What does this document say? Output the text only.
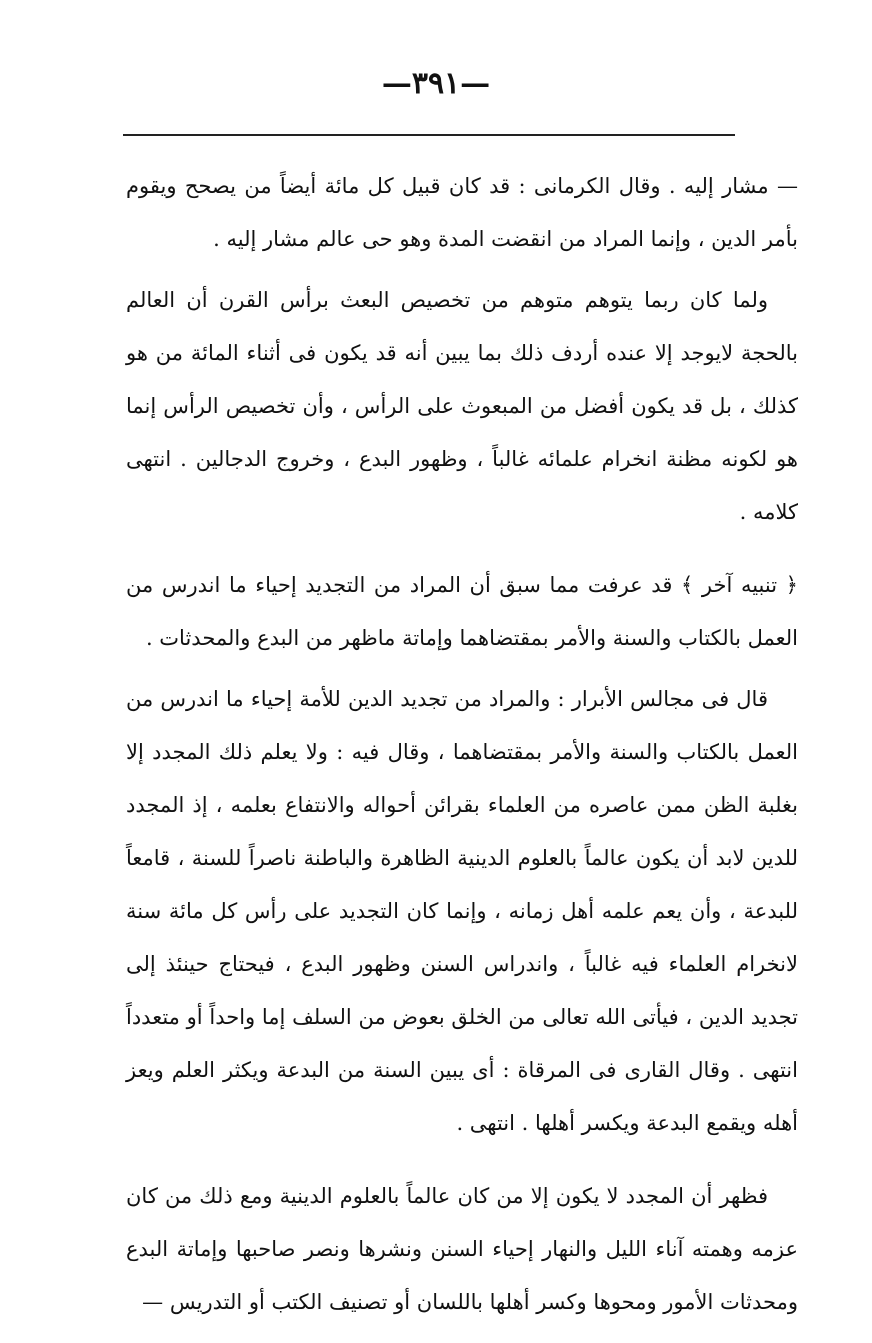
—٣٩١—

— مشار إليه . وقال الكرمانى : قد كان قبيل كل مائة أيضاً من يصحح ويقوم بأمر الدين ، وإنما المراد من انقضت المدة وهو حى عالم مشار إليه .

ولما كان ربما يتوهم متوهم من تخصيص البعث برأس القرن أن العالم بالحجة لايوجد إلا عنده أردف ذلك بما يبين أنه قد يكون فى أثناء المائة من هو كذلك ، بل قد يكون أفضل من المبعوث على الرأس ، وأن تخصيص الرأس إنما هو لكونه مظنة انخرام علمائه غالباً ، وظهور البدع ، وخروج الدجالين . انتهى كلامه .

﴿ تنبيه آخر ﴾ قد عرفت مما سبق أن المراد من التجديد إحياء ما اندرس من العمل بالكتاب والسنة والأمر بمقتضاهما وإماتة ماظهر من البدع والمحدثات .

قال فى مجالس الأبرار : والمراد من تجديد الدين للأمة إحياء ما اندرس من العمل بالكتاب والسنة والأمر بمقتضاهما ، وقال فيه : ولا يعلم ذلك المجدد إلا بغلبة الظن ممن عاصره من العلماء بقرائن أحواله والانتفاع بعلمه ، إذ المجدد للدين لابد أن يكون عالماً بالعلوم الدينية الظاهرة والباطنة ناصراً للسنة ، قامعاً للبدعة ، وأن يعم علمه أهل زمانه ، وإنما كان التجديد على رأس كل مائة سنة لانخرام العلماء فيه غالباً ، واندراس السنن وظهور البدع ، فيحتاج حينئذ إلى تجديد الدين ، فيأتى الله تعالى من الخلق بعوض من السلف إما واحداً أو متعدداً انتهى . وقال القارى فى المرقاة : أى يبين السنة من البدعة ويكثر العلم ويعز أهله ويقمع البدعة ويكسر أهلها . انتهى .

فظهر أن المجدد لا يكون إلا من كان عالماً بالعلوم الدينية ومع ذلك من كان عزمه وهمته آناء الليل والنهار إحياء السنن ونشرها ونصر صاحبها وإماتة البدع ومحدثات الأمور ومحوها وكسر أهلها باللسان أو تصنيف الكتب أو التدريس —
